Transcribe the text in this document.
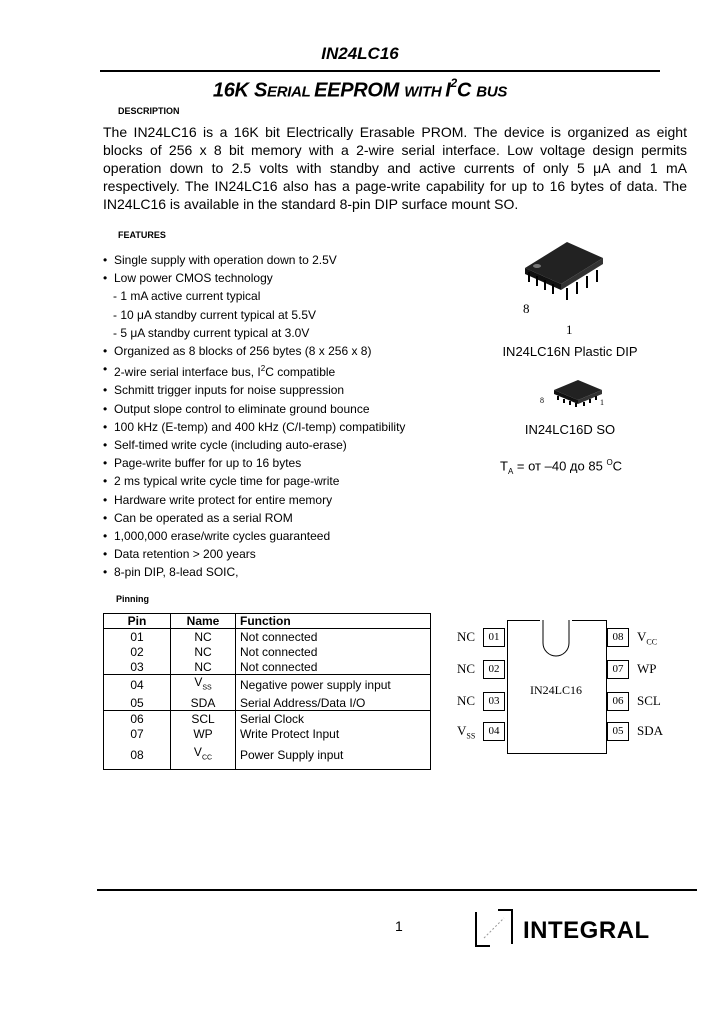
IN24LC16
16K SERIAL EEPROM WITH $I^2C$ BUS
DESCRIPTION
The IN24LC16 is a 16K bit Electrically Erasable PROM. The device is organized as eight blocks of 256 x 8 bit memory with a 2-wire serial interface. Low voltage design permits operation down to 2.5 volts with standby and active currents of only 5 μA and 1 mA respectively. The IN24LC16 also has a page-write capability for up to 16 bytes of data. The IN24LC16 is available in the standard 8-pin DIP surface mount SO.
FEATURES
• Single supply with operation down to 2.5V
• Low power CMOS technology
- 1 mA active current typical
- 10 μA standby current typical at 5.5V
- 5 μA standby current typical at 3.0V
• Organized as 8 blocks of 256 bytes (8 x 256 x 8)
• 2-wire serial interface bus, $I^2C$ compatible
• Schmitt trigger inputs for noise suppression
• Output slope control to eliminate ground bounce
• 100 kHz (E-temp) and 400 kHz (C/I-temp) compatibility
• Self-timed write cycle (including auto-erase)
• Page-write buffer for up to 16 bytes
• 2 ms typical write cycle time for page-write
• Hardware write protect for entire memory
• Can be operated as a serial ROM
• 1,000,000 erase/write cycles guaranteed
• Data retention > 200 years
• 8-pin DIP, 8-lead SOIC,
8
1
IN24LC16N Plastic DIP
8	1
IN24LC16D SO
$T_A$ = от –40 до 85 $^O$C
Pinning
Pin	Name	Function
01	NC	Not connected
02	NC	Not connected
03	NC	Not connected
04	$V_{SS}$	Negative power supply input
05	SDA	Serial Address/Data I/O
06	SCL	Serial Clock
07	WP	Write Protect Input
08	$V_{CC}$	Power Supply input
IN24LC16
01
02
03
04
08
07
06
05
NC
NC
NC
$V_{SS}$
$V_{CC}$
WP
SCL
SDA
1	INTEGRAL
